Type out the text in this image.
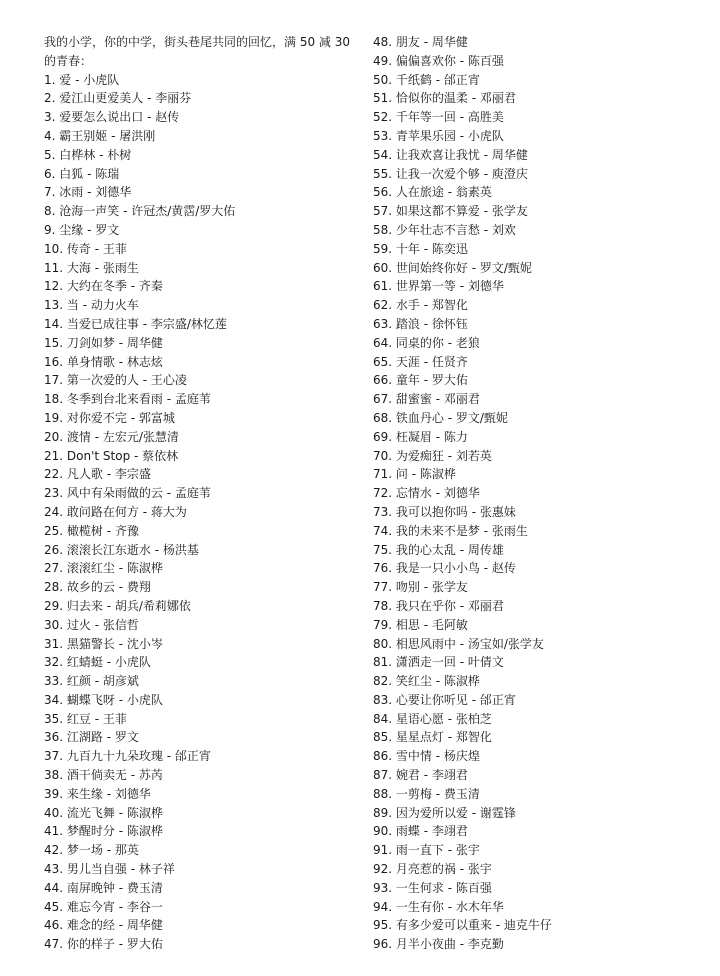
我的小学，你的中学，街头巷尾共同的回忆，满 50 减 30
的青春：
1. 爱 - 小虎队
2. 爱江山更爱美人 - 李丽芬
3. 爱要怎么说出口 - 赵传
4. 霸王别姬 - 屠洪刚
5. 白桦林 - 朴树
6. 白狐 - 陈瑞
7. 冰雨 - 刘德华
8. 沧海一声笑 - 许冠杰/黄霑/罗大佑
9. 尘缘 - 罗文
10. 传奇 - 王菲
11. 大海 - 张雨生
12. 大约在冬季 - 齐秦
13. 当 - 动力火车
14. 当爱已成往事 - 李宗盛/林忆莲
15. 刀剑如梦 - 周华健
16. 单身情歌 - 林志炫
17. 第一次爱的人 - 王心凌
18. 冬季到台北来看雨 - 孟庭苇
19. 对你爱不完 - 郭富城
20. 渡情 - 左宏元/张慧清
21. Don't Stop - 蔡依林
22. 凡人歌 - 李宗盛
23. 风中有朵雨做的云 - 孟庭苇
24. 敢问路在何方 - 蒋大为
25. 橄榄树 - 齐豫
26. 滚滚长江东逝水 - 杨洪基
27. 滚滚红尘 - 陈淑桦
28. 故乡的云 - 费翔
29. 归去来 - 胡兵/希莉娜依
30. 过火 - 张信哲
31. 黑猫警长 - 沈小岑
32. 红蜻蜓 - 小虎队
33. 红颜 - 胡彦斌
34. 蝴蝶飞呀 - 小虎队
35. 红豆 - 王菲
36. 江湖路 - 罗文
37. 九百九十九朵玫瑰 - 邰正宵
38. 酒干倘卖无 - 苏芮
39. 来生缘 - 刘德华
40. 流光飞舞 - 陈淑桦
41. 梦醒时分 - 陈淑桦
42. 梦一场 - 那英
43. 男儿当自强 - 林子祥
44. 南屏晚钟 - 费玉清
45. 难忘今宵 - 李谷一
46. 难念的经 - 周华健
47. 你的样子 - 罗大佑
48. 朋友 - 周华健
49. 偏偏喜欢你 - 陈百强
50. 千纸鹤 - 邰正宵
51. 恰似你的温柔 - 邓丽君
52. 千年等一回 - 高胜美
53. 青苹果乐园 - 小虎队
54. 让我欢喜让我忧 - 周华健
55. 让我一次爱个够 - 庾澄庆
56. 人在旅途 - 翁素英
57. 如果这都不算爱 - 张学友
58. 少年壮志不言愁 - 刘欢
59. 十年 - 陈奕迅
60. 世间始终你好 - 罗文/甄妮
61. 世界第一等 - 刘德华
62. 水手 - 郑智化
63. 踏浪 - 徐怀钰
64. 同桌的你 - 老狼
65. 天涯 - 任贤齐
66. 童年 - 罗大佑
67. 甜蜜蜜 - 邓丽君
68. 铁血丹心 - 罗文/甄妮
69. 枉凝眉 - 陈力
70. 为爱痴狂 - 刘若英
71. 问 - 陈淑桦
72. 忘情水 - 刘德华
73. 我可以抱你吗 - 张惠妹
74. 我的未来不是梦 - 张雨生
75. 我的心太乱 - 周传雄
76. 我是一只小小鸟 - 赵传
77. 吻别 - 张学友
78. 我只在乎你 - 邓丽君
79. 相思 - 毛阿敏
80. 相思风雨中 - 汤宝如/张学友
81. 潇洒走一回 - 叶倩文
82. 笑红尘 - 陈淑桦
83. 心要让你听见 - 邰正宵
84. 星语心愿 - 张柏芝
85. 星星点灯 - 郑智化
86. 雪中情 - 杨庆煌
87. 婉君 - 李翊君
88. 一剪梅 - 费玉清
89. 因为爱所以爱 - 谢霆锋
90. 雨蝶 - 李翊君
91. 雨一直下 - 张宇
92. 月亮惹的祸 - 张宇
93. 一生何求 - 陈百强
94. 一生有你 - 水木年华
95. 有多少爱可以重来 - 迪克牛仔
96. 月半小夜曲 - 李克勤
